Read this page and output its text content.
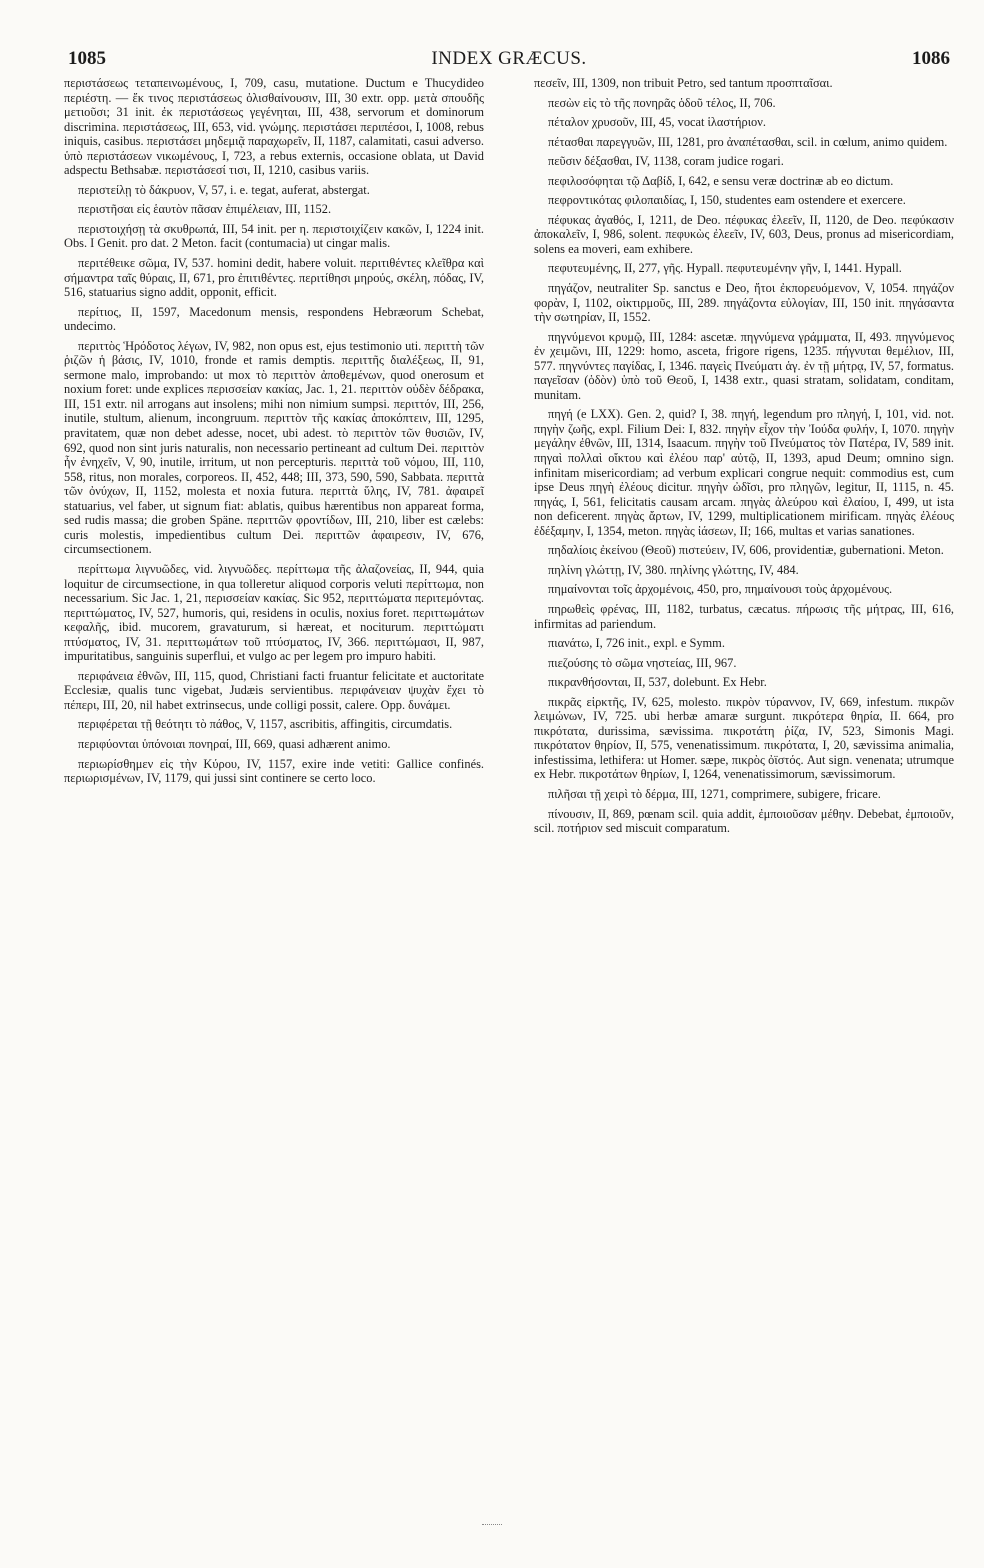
1085	INDEX GRÆCUS.	1086

περιστάσεως τεταπεινωμένους, I, 709, casu, mutatione. Ductum e Thucydideo περιέστη. — ἔκ τινος περιστάσεως ὀλισθαίνουσιν, III, 30 extr. opp. μετὰ σπουδῆς μετιοῦσι; 31 init. ἐκ περιστάσεως γεγένηται, III, 438, servorum et dominorum discrimina. περιστάσεως, III, 653, vid. γνώμης. περιστάσει περιπέσοι, I, 1008, rebus iniquis, casibus. περιστάσει μηδεμιᾷ παραχωρεῖν, II, 1187, calamitati, casui adverso. ὑπὸ περιστάσεων νικωμένους, I, 723, a rebus externis, occasione oblata, ut David adspectu Bethsabæ. περιστάσεσί τισι, II, 1210, casibus variis.

περιστείλῃ τὸ δάκρυον, V, 57, i. e. tegat, auferat, abstergat.

περιστῆσαι εἰς ἑαυτὸν πᾶσαν ἐπιμέλειαν, III, 1152.

περιστοιχήσῃ τὰ σκυθρωπά, III, 54 init. per η. περιστοιχίζειν κακῶν, I, 1224 init. Obs. I Genit. pro dat. 2 Meton. facit (contumacia) ut cingar malis.

περιτέθεικε σῶμα, IV, 537. homini dedit, habere voluit. περιτιθέντες κλεῖθρα καὶ σήμαντρα ταῖς θύραις, II, 671, pro ἐπιτιθέντες. περιτίθησι μηρούς, σκέλη, πόδας, IV, 516, statuarius signo addit, opponit, efficit.

περίτιος, II, 1597, Macedonum mensis, respondens Hebræorum Schebat, undecimo.

περιττὸς Ἡρόδοτος λέγων, IV, 982, non opus est, ejus testimonio uti. περιττὴ τῶν ῥιζῶν ἡ βάσις, IV, 1010, fronde et ramis demptis. περιττῆς διαλέξεως, II, 91, sermone malo, improbando: ut mox τὸ περιττὸν ἀποθεμένων, quod onerosum et noxium foret: unde explices περισσείαν κακίας, Jac. 1, 21. περιττὸν οὐδὲν δέδρακα, III, 151 extr. nil arrogans aut insolens; mihi non nimium sumpsi. περιττόν, III, 256, inutile, stultum, alienum, incongruum. περιττὸν τῆς κακίας ἀποκόπτειν, III, 1295, pravitatem, quæ non debet adesse, nocet, ubi adest. τὸ περιττὸν τῶν θυσιῶν, IV, 692, quod non sint juris naturalis, non necessario pertineant ad cultum Dei. περιττὸν ἦν ἐνηχεῖν, V, 90, inutile, irritum, ut non percepturis. περιττὰ τοῦ νόμου, III, 110, 558, ritus, non morales, corporeos. II, 452, 448; III, 373, 590, 590, Sabbata. περιττὰ τῶν ὀνύχων, II, 1152, molesta et noxia futura. περιττὰ ὕλης, IV, 781. ἀφαιρεῖ statuarius, vel faber, ut signum fiat: ablatis, quibus hærentibus non appareat forma, sed rudis massa; die groben Späne. περιττῶν φροντίδων, III, 210, liber est cælebs: curis molestis, impedientibus cultum Dei. περιττῶν ἀφαιρεσιν, IV, 676, circumsectionem.

περίττωμα λιγνυῶδες, vid. λιγνυῶδες. περίττωμα τῆς ἀλαζονείας, II, 944, quia loquitur de circumsectione, in qua tolleretur aliquod corporis veluti περίττωμα, non necessarium. Sic Jac. 1, 21, περισσείαν κακίας. Sic 952, περιττώματα περιτεμόντας. περιττώματος, IV, 527, humoris, qui, residens in oculis, noxius foret. περιττωμάτων κεφαλῆς, ibid. mucorem, gravaturum, si hæreat, et nociturum. περιττώματι πτύσματος, IV, 31. περιττωμάτων τοῦ πτύσματος, IV, 366. περιττώμασι, II, 987, impuritatibus, sanguinis superflui, et vulgo ac per legem pro impuro habiti.

περιφάνεια ἐθνῶν, III, 115, quod, Christiani facti fruantur felicitate et auctoritate Ecclesiæ, qualis tunc vigebat, Judæis servientibus. περιφάνειαν ψυχὰν ἔχει τὸ πέπερι, III, 20, nil habet extrinsecus, unde colligi possit, calere. Opp. δυνάμει.

περιφέρεται τῇ θεότητι τὸ πάθος, V, 1157, ascribitis, affingitis, circumdatis.

περιφύονται ὑπόνοιαι πονηραί, III, 669, quasi adhærent animo.

περιωρίσθημεν εἰς τὴν Κύρου, IV, 1157, exire inde vetiti: Gallice confinés. περιωρισμένων, IV, 1179, qui jussi sint continere se certo loco.

πεσεῖν, III, 1309, non tribuit Petro, sed tantum προσπταῖσαι.

πεσὼν εἰς τὸ τῆς πονηρᾶς ὁδοῦ τέλος, II, 706.

πέταλον χρυσοῦν, III, 45, vocat ἱλαστήριον.

πέτασθαι παρεγγυῶν, III, 1281, pro ἀναπέτασθαι, scil. in cœlum, animo quidem.

πεῦσιν δέξασθαι, IV, 1138, coram judice rogari.

πεφιλοσόφηται τῷ Δαβίδ, I, 642, e sensu veræ doctrinæ ab eo dictum.

πεφροντικότας φιλοπαιδίας, I, 150, studentes eam ostendere et exercere.

πέφυκας ἀγαθός, I, 1211, de Deo. πέφυκας ἐλεεῖν, II, 1120, de Deo. πεφύκασιν ἀποκαλεῖν, I, 986, solent. πεφυκὼς ἐλεεῖν, IV, 603, Deus, pronus ad misericordiam, solens ea moveri, eam exhibere.

πεφυτευμένης, II, 277, γῆς. Hypall. πεφυτευμένην γῆν, I, 1441. Hypall.

πηγάζον, neutraliter Sp. sanctus e Deo, ἤτοι ἐκπορευόμενον, V, 1054. πηγάζον φορὰν, I, 1102, οἰκτιρμοῦς, III, 289. πηγάζοντα εὐλογίαν, III, 150 init. πηγάσαντα τὴν σωτηρίαν, II, 1552.

πηγνύμενοι κρυμῷ, III, 1284: ascetæ. πηγνύμενα γράμματα, II, 493. πηγνύμενος ἐν χειμῶνι, III, 1229: homo, asceta, frigore rigens, 1235. πήγνυται θεμέλιον, III, 577. πηγνύντες παγίδας, I, 1346. παγεὶς Πνεύματι ἁγ. ἐν τῇ μήτρᾳ, IV, 57, formatus. παγεῖσαν (ὁδὸν) ὑπὸ τοῦ Θεοῦ, I, 1438 extr., quasi stratam, solidatam, conditam, munitam.

πηγή (e LXX). Gen. 2, quid? I, 38. πηγή, legendum pro πληγή, I, 101, vid. not. πηγὴν ζωῆς, expl. Filium Dei: I, 832. πηγὴν εἶχον τὴν Ἰούδα φυλήν, I, 1070. πηγὴν μεγάλην ἐθνῶν, III, 1314, Isaacum. πηγὴν τοῦ Πνεύματος τὸν Πατέρα, IV, 589 init. πηγαὶ πολλαὶ οἴκτου καὶ ἐλέου παρ' αὐτῷ, II, 1393, apud Deum; omnino sign. infinitam misericordiam; ad verbum explicari congrue nequit: commodius est, cum ipse Deus πηγὴ ἐλέους dicitur. πηγὴν ὠδῖσι, pro πληγῶν, legitur, II, 1115, n. 45. πηγάς, I, 561, felicitatis causam arcam. πηγὰς ἀλεύρου καὶ ἐλαίου, I, 499, ut ista non deficerent. πηγὰς ἄρτων, IV, 1299, multiplicationem mirificam. πηγὰς ἐλέους ἐδέξαμην, I, 1354, meton. πηγὰς ἰάσεων, II; 166, multas et varias sanationes.

πηδαλίοις ἐκείνου (Θεοῦ) πιστεύειν, IV, 606, providentiæ, gubernationi. Meton.

πηλίνη γλώττῃ, IV, 380. πηλίνης γλώττης, IV, 484.

πημαίνονται τοῖς ἀρχομένοις, 450, pro, πημαίνουσι τοὺς ἀρχομένους.

πηρωθεὶς φρένας, III, 1182, turbatus, cæcatus. πήρωσις τῆς μήτρας, III, 616, infirmitas ad pariendum.

πιανάτω, I, 726 init., expl. e Symm.

πιεζούσης τὸ σῶμα νηστείας, III, 967.

πικρανθήσονται, II, 537, dolebunt. Ex Hebr.

πικρᾶς εἱρκτῆς, IV, 625, molesto. πικρὸν τύραννον, IV, 669, infestum. πικρῶν λειμώνων, IV, 725. ubi herbæ amaræ surgunt. πικρότερα θηρία, II. 664, pro πικρότατα, durissima, sævissima. πικροτάτη ῥίζα, IV, 523, Simonis Magi. πικρότατον θηρίον, II, 575, venenatissimum. πικρότατα, I, 20, sævissima animalia, infestissima, lethifera: ut Homer. sæpe, πικρὸς ὀϊστός. Aut sign. venenata; utrumque ex Hebr. πικροτάτων θηρίων, I, 1264, venenatissimorum, sævissimorum.

πιλῆσαι τῇ χειρὶ τὸ δέρμα, III, 1271, comprimere, subigere, fricare.

πίνουσιν, II, 869, pœnam scil. quia addit, ἐμποιοῦσαν μέθην. Debebat, ἐμποιοῦν, scil. ποτήριον sed miscuit comparatum.
